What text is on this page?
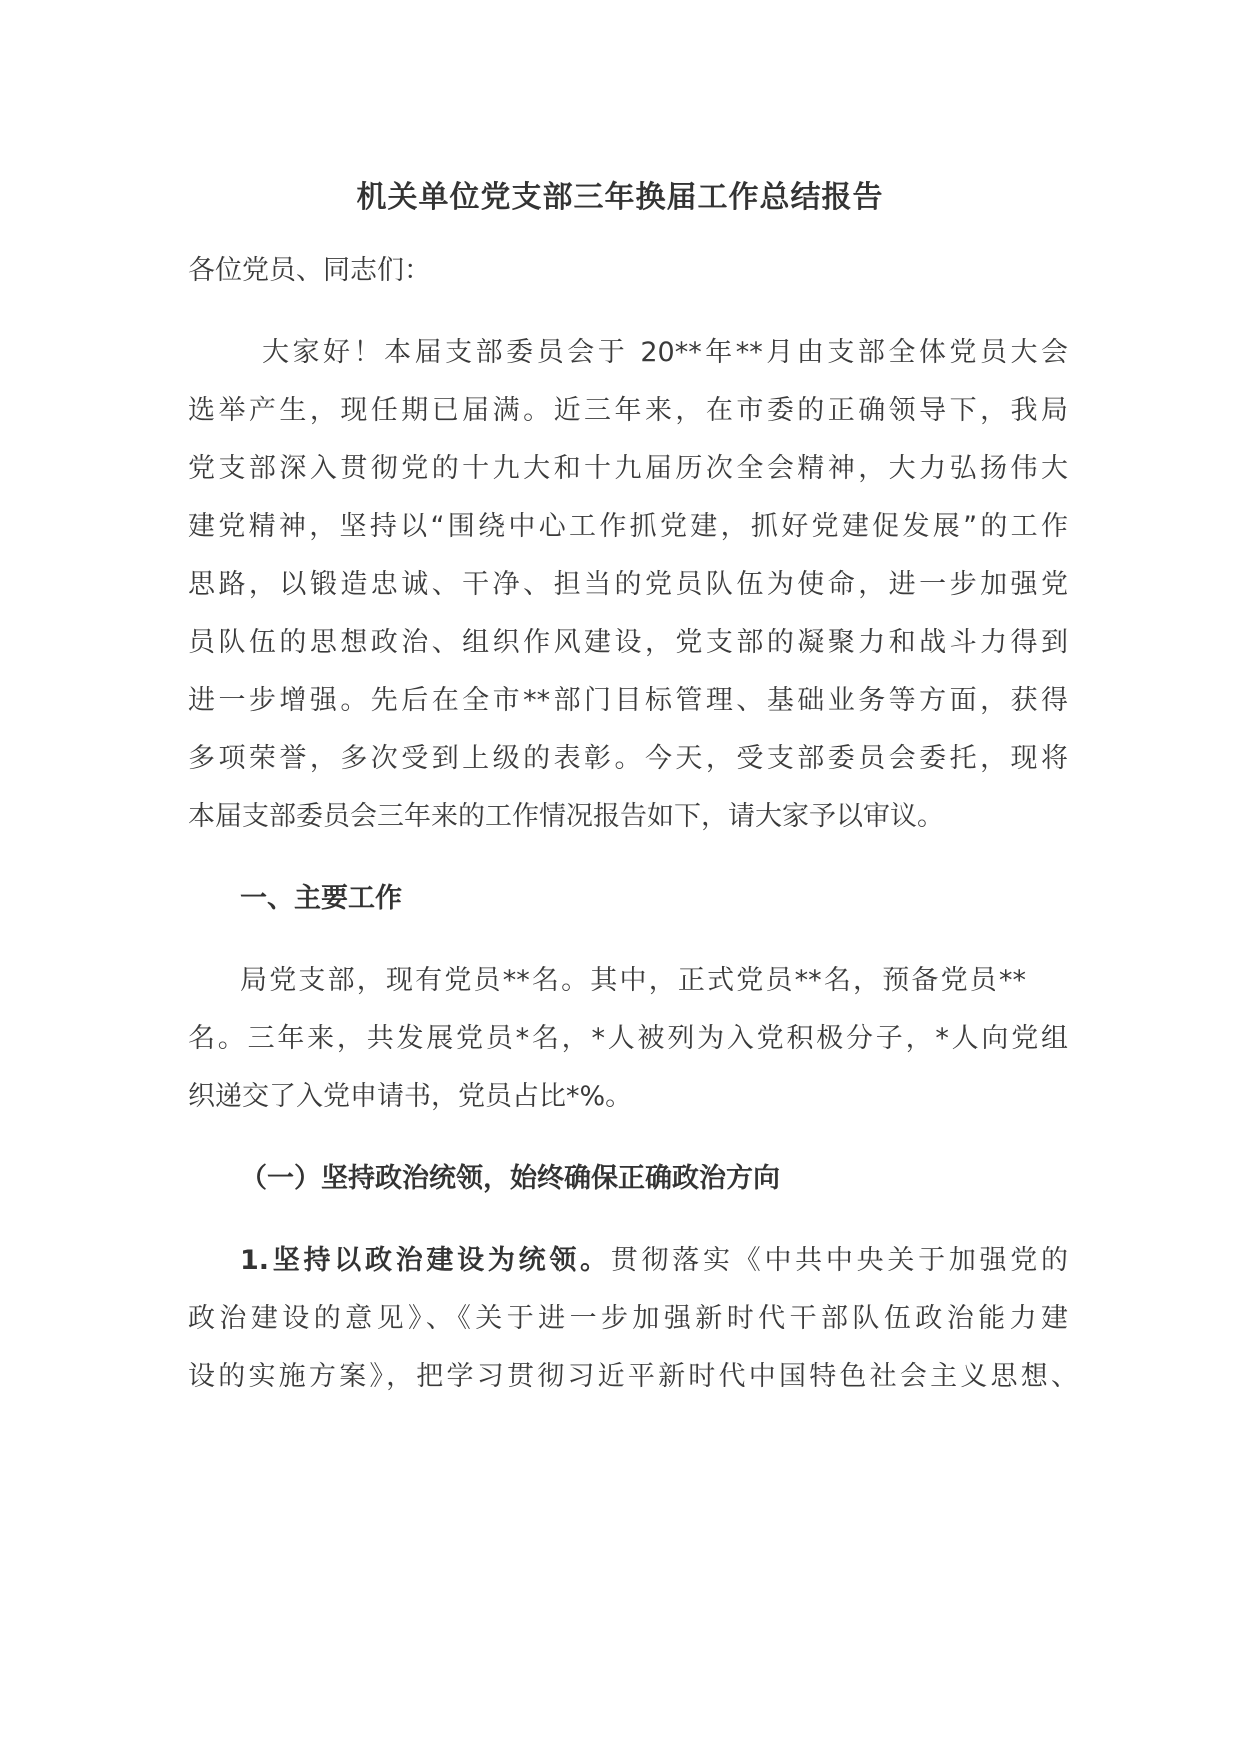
机关单位党支部三年换届工作总结报告
各位党员、同志们：
大家好！本届支部委员会于 20**年**月由支部全体党员大会
选举产生，现任期已届满。近三年来，在市委的正确领导下，我局
党支部深入贯彻党的十九大和十九届历次全会精神，大力弘扬伟大
建党精神，坚持以“围绕中心工作抓党建，抓好党建促发展”的工作
思路，以锻造忠诚、干净、担当的党员队伍为使命，进一步加强党
员队伍的思想政治、组织作风建设，党支部的凝聚力和战斗力得到
进一步增强。先后在全市**部门目标管理、基础业务等方面，获得
多项荣誉，多次受到上级的表彰。今天，受支部委员会委托，现将
本届支部委员会三年来的工作情况报告如下，请大家予以审议。
一、主要工作
局党支部，现有党员**名。其中，正式党员**名，预备党员**
名。三年来，共发展党员*名，*人被列为入党积极分子，*人向党组
织递交了入党申请书，党员占比*%。
（一）坚持政治统领，始终确保正确政治方向
1.坚持以政治建设为统领。贯彻落实《中共中央关于加强党的
政治建设的意见》、《关于进一步加强新时代干部队伍政治能力建
设的实施方案》，把学习贯彻习近平新时代中国特色社会主义思想、
